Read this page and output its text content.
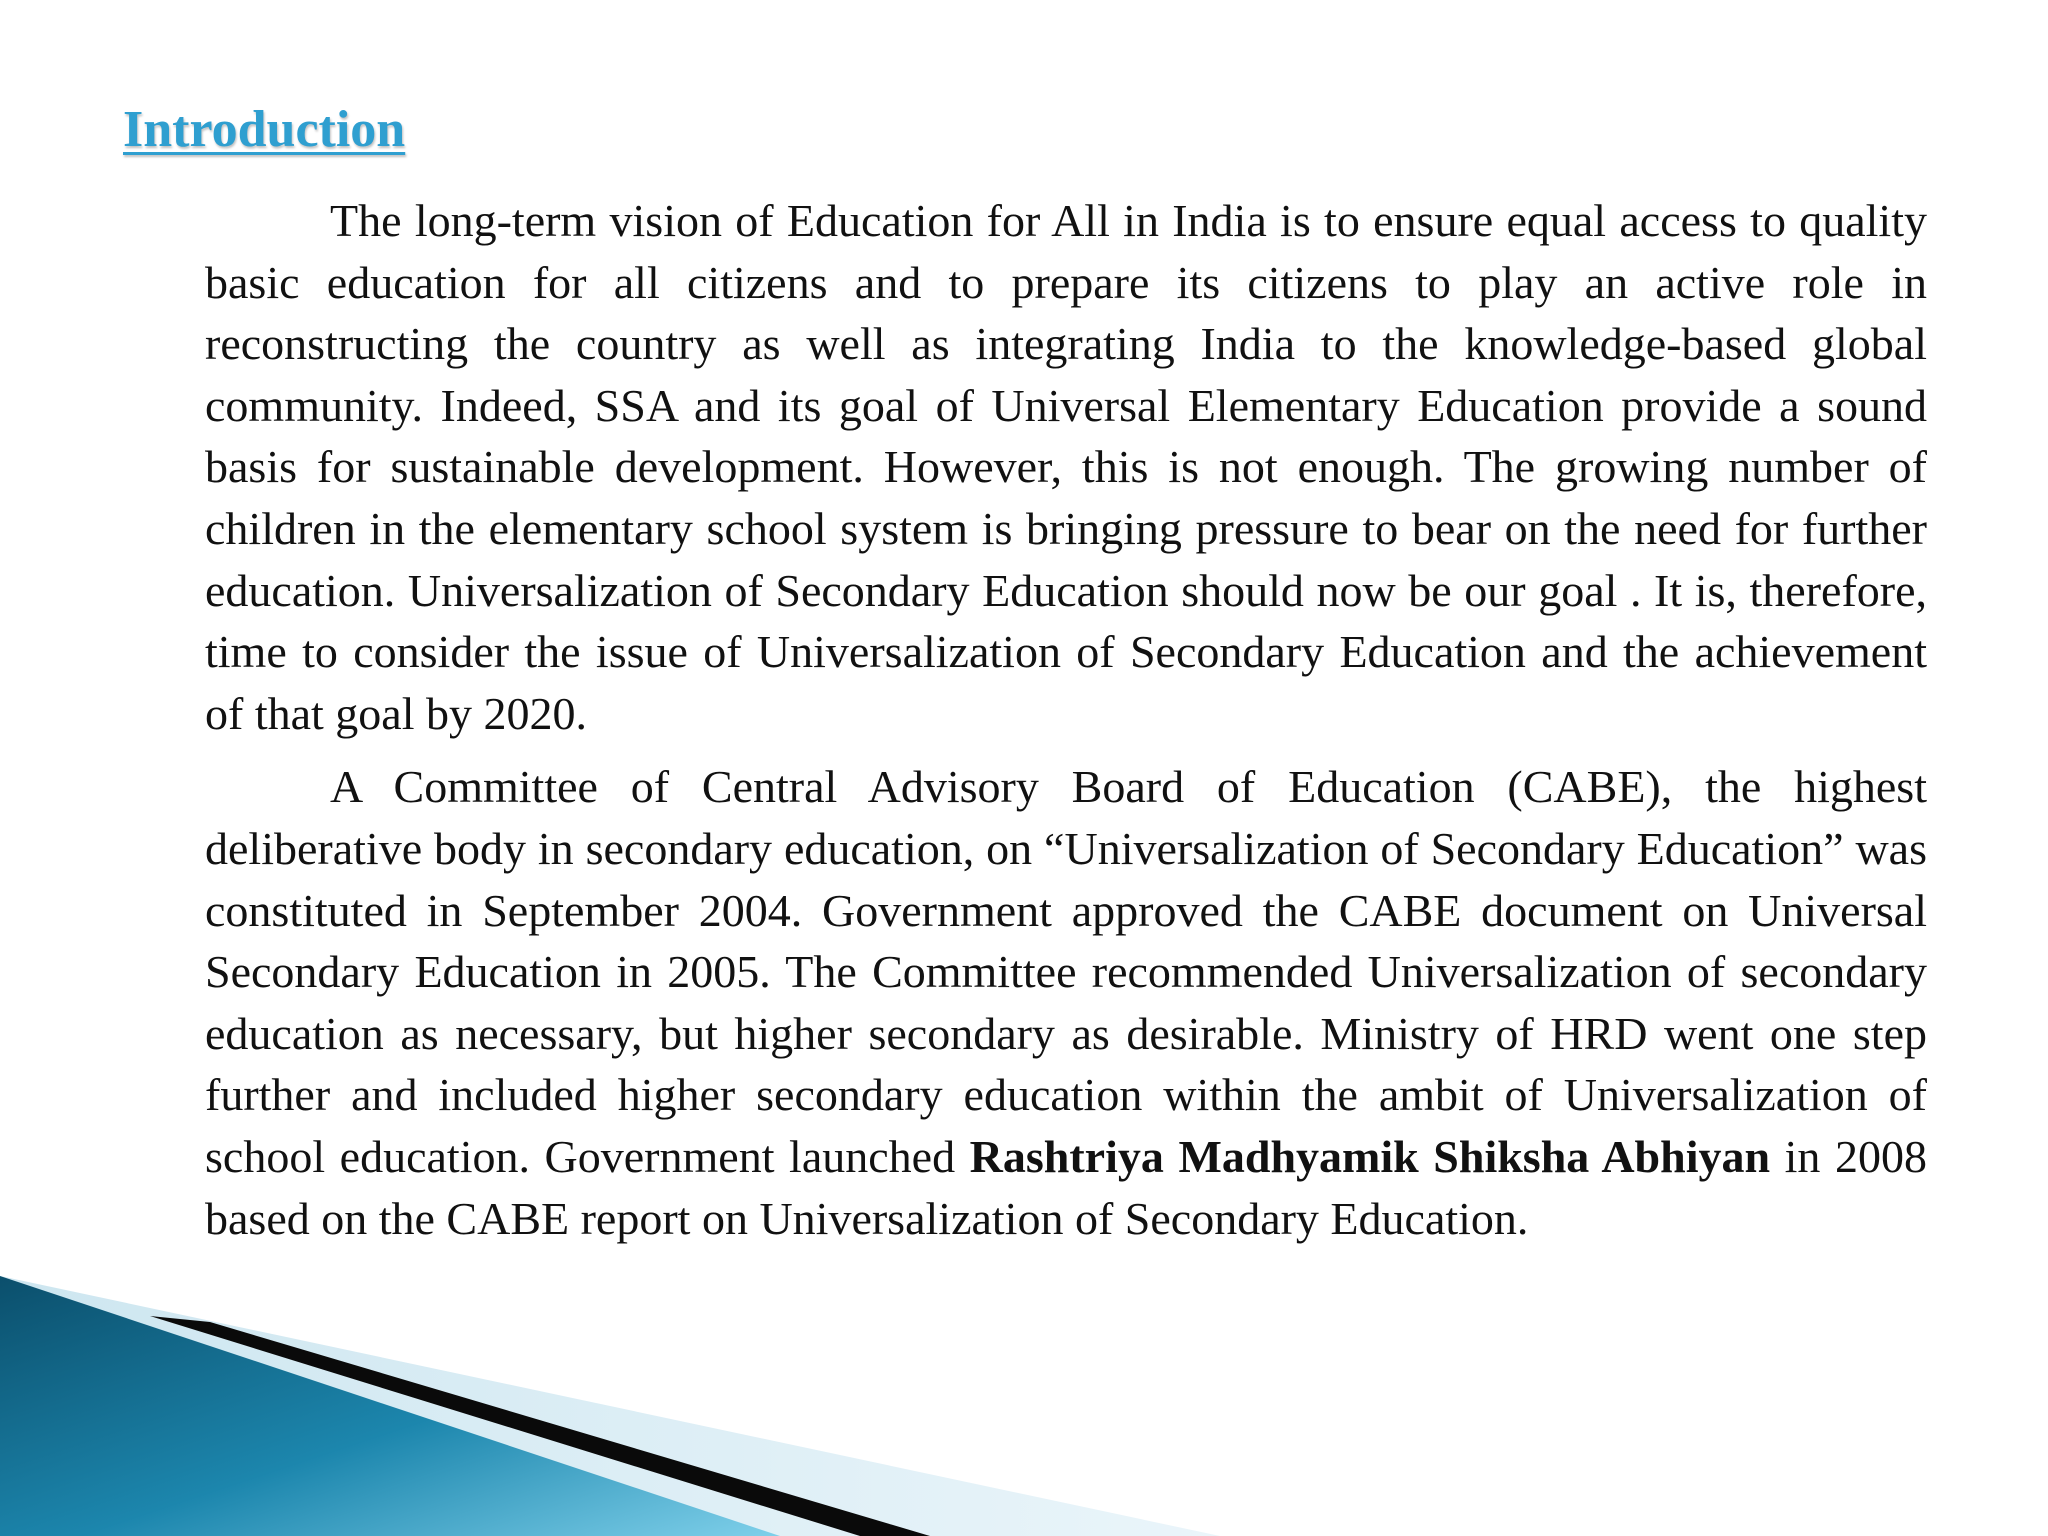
Introduction

The long-term vision of Education for All in India is to ensure equal access to quality basic education for all citizens and to prepare its citizens to play an active role in reconstructing the country as well as integrating India to the knowledge-based global community. Indeed, SSA and its goal of Universal Elementary Education provide a sound basis for sustainable development. However, this is not enough. The growing number of children in the elementary school system is bringing pressure to bear on the need for further education. Universalization of Secondary Education should now be our goal . It is, therefore, time to consider the issue of Universalization of Secondary Education and the achievement of that goal by 2020.

A Committee of Central Advisory Board of Education (CABE), the highest deliberative body in secondary education, on “Universalization of Secondary Education” was constituted in September 2004. Government approved the CABE document on Universal Secondary Education in 2005. The Committee recommended Universalization of secondary education as necessary, but higher secondary as desirable. Ministry of HRD went one step further and included higher secondary education within the ambit of Universalization of school education. Government launched Rashtriya Madhyamik Shiksha Abhiyan in 2008 based on the CABE report on Universalization of Secondary Education.
